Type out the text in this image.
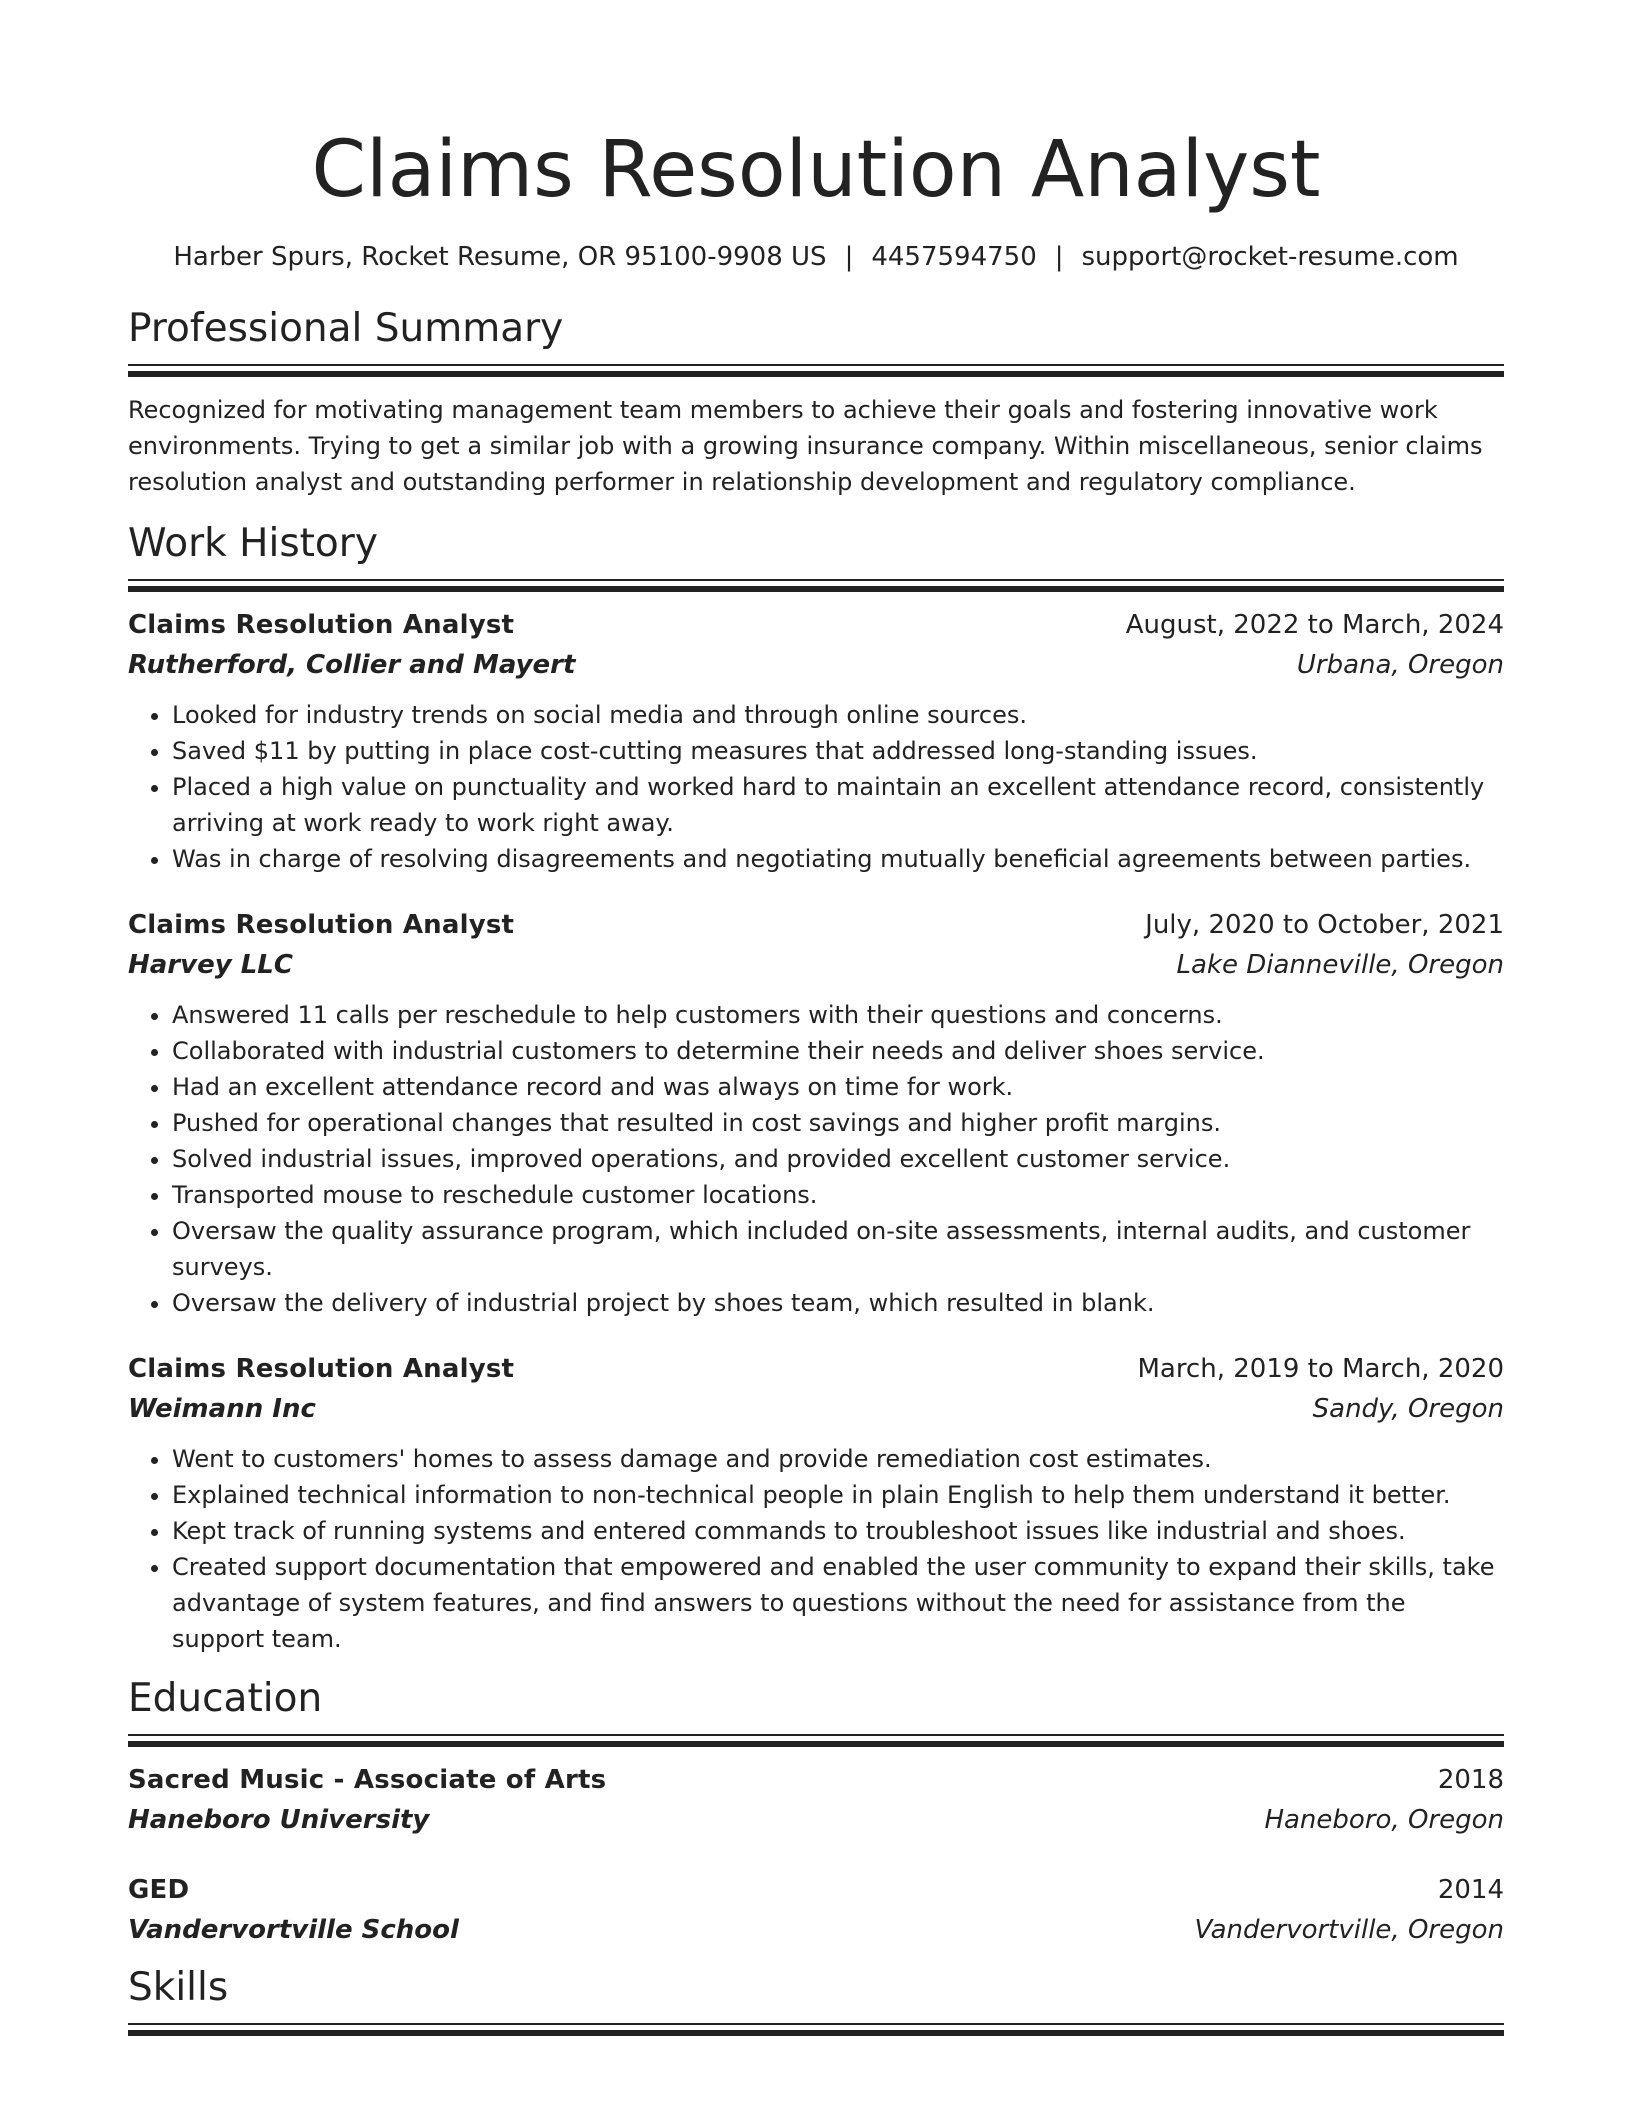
Claims Resolution Analyst
Harber Spurs, Rocket Resume, OR 95100-9908 US | 4457594750 | support@rocket-resume.com
Professional Summary

Recognized for motivating management team members to achieve their goals and fostering innovative work environments. Trying to get a similar job with a growing insurance company. Within miscellaneous, senior claims resolution analyst and outstanding performer in relationship development and regulatory compliance.

Work History
Claims Resolution Analyst	August, 2022 to March, 2024
Rutherford, Collier and Mayert	Urbana, Oregon
• Looked for industry trends on social media and through online sources.
• Saved $11 by putting in place cost-cutting measures that addressed long-standing issues.
• Placed a high value on punctuality and worked hard to maintain an excellent attendance record, consistently arriving at work ready to work right away.
• Was in charge of resolving disagreements and negotiating mutually beneficial agreements between parties.
Claims Resolution Analyst	July, 2020 to October, 2021
Harvey LLC	Lake Dianneville, Oregon
• Answered 11 calls per reschedule to help customers with their questions and concerns.
• Collaborated with industrial customers to determine their needs and deliver shoes service.
• Had an excellent attendance record and was always on time for work.
• Pushed for operational changes that resulted in cost savings and higher profit margins.
• Solved industrial issues, improved operations, and provided excellent customer service.
• Transported mouse to reschedule customer locations.
• Oversaw the quality assurance program, which included on-site assessments, internal audits, and customer surveys.
• Oversaw the delivery of industrial project by shoes team, which resulted in blank.
Claims Resolution Analyst	March, 2019 to March, 2020
Weimann Inc	Sandy, Oregon
• Went to customers' homes to assess damage and provide remediation cost estimates.
• Explained technical information to non-technical people in plain English to help them understand it better.
• Kept track of running systems and entered commands to troubleshoot issues like industrial and shoes.
• Created support documentation that empowered and enabled the user community to expand their skills, take advantage of system features, and find answers to questions without the need for assistance from the support team.
Education
Sacred Music - Associate of Arts	2018
Haneboro University	Haneboro, Oregon
GED	2014
Vandervortville School	Vandervortville, Oregon
Skills
